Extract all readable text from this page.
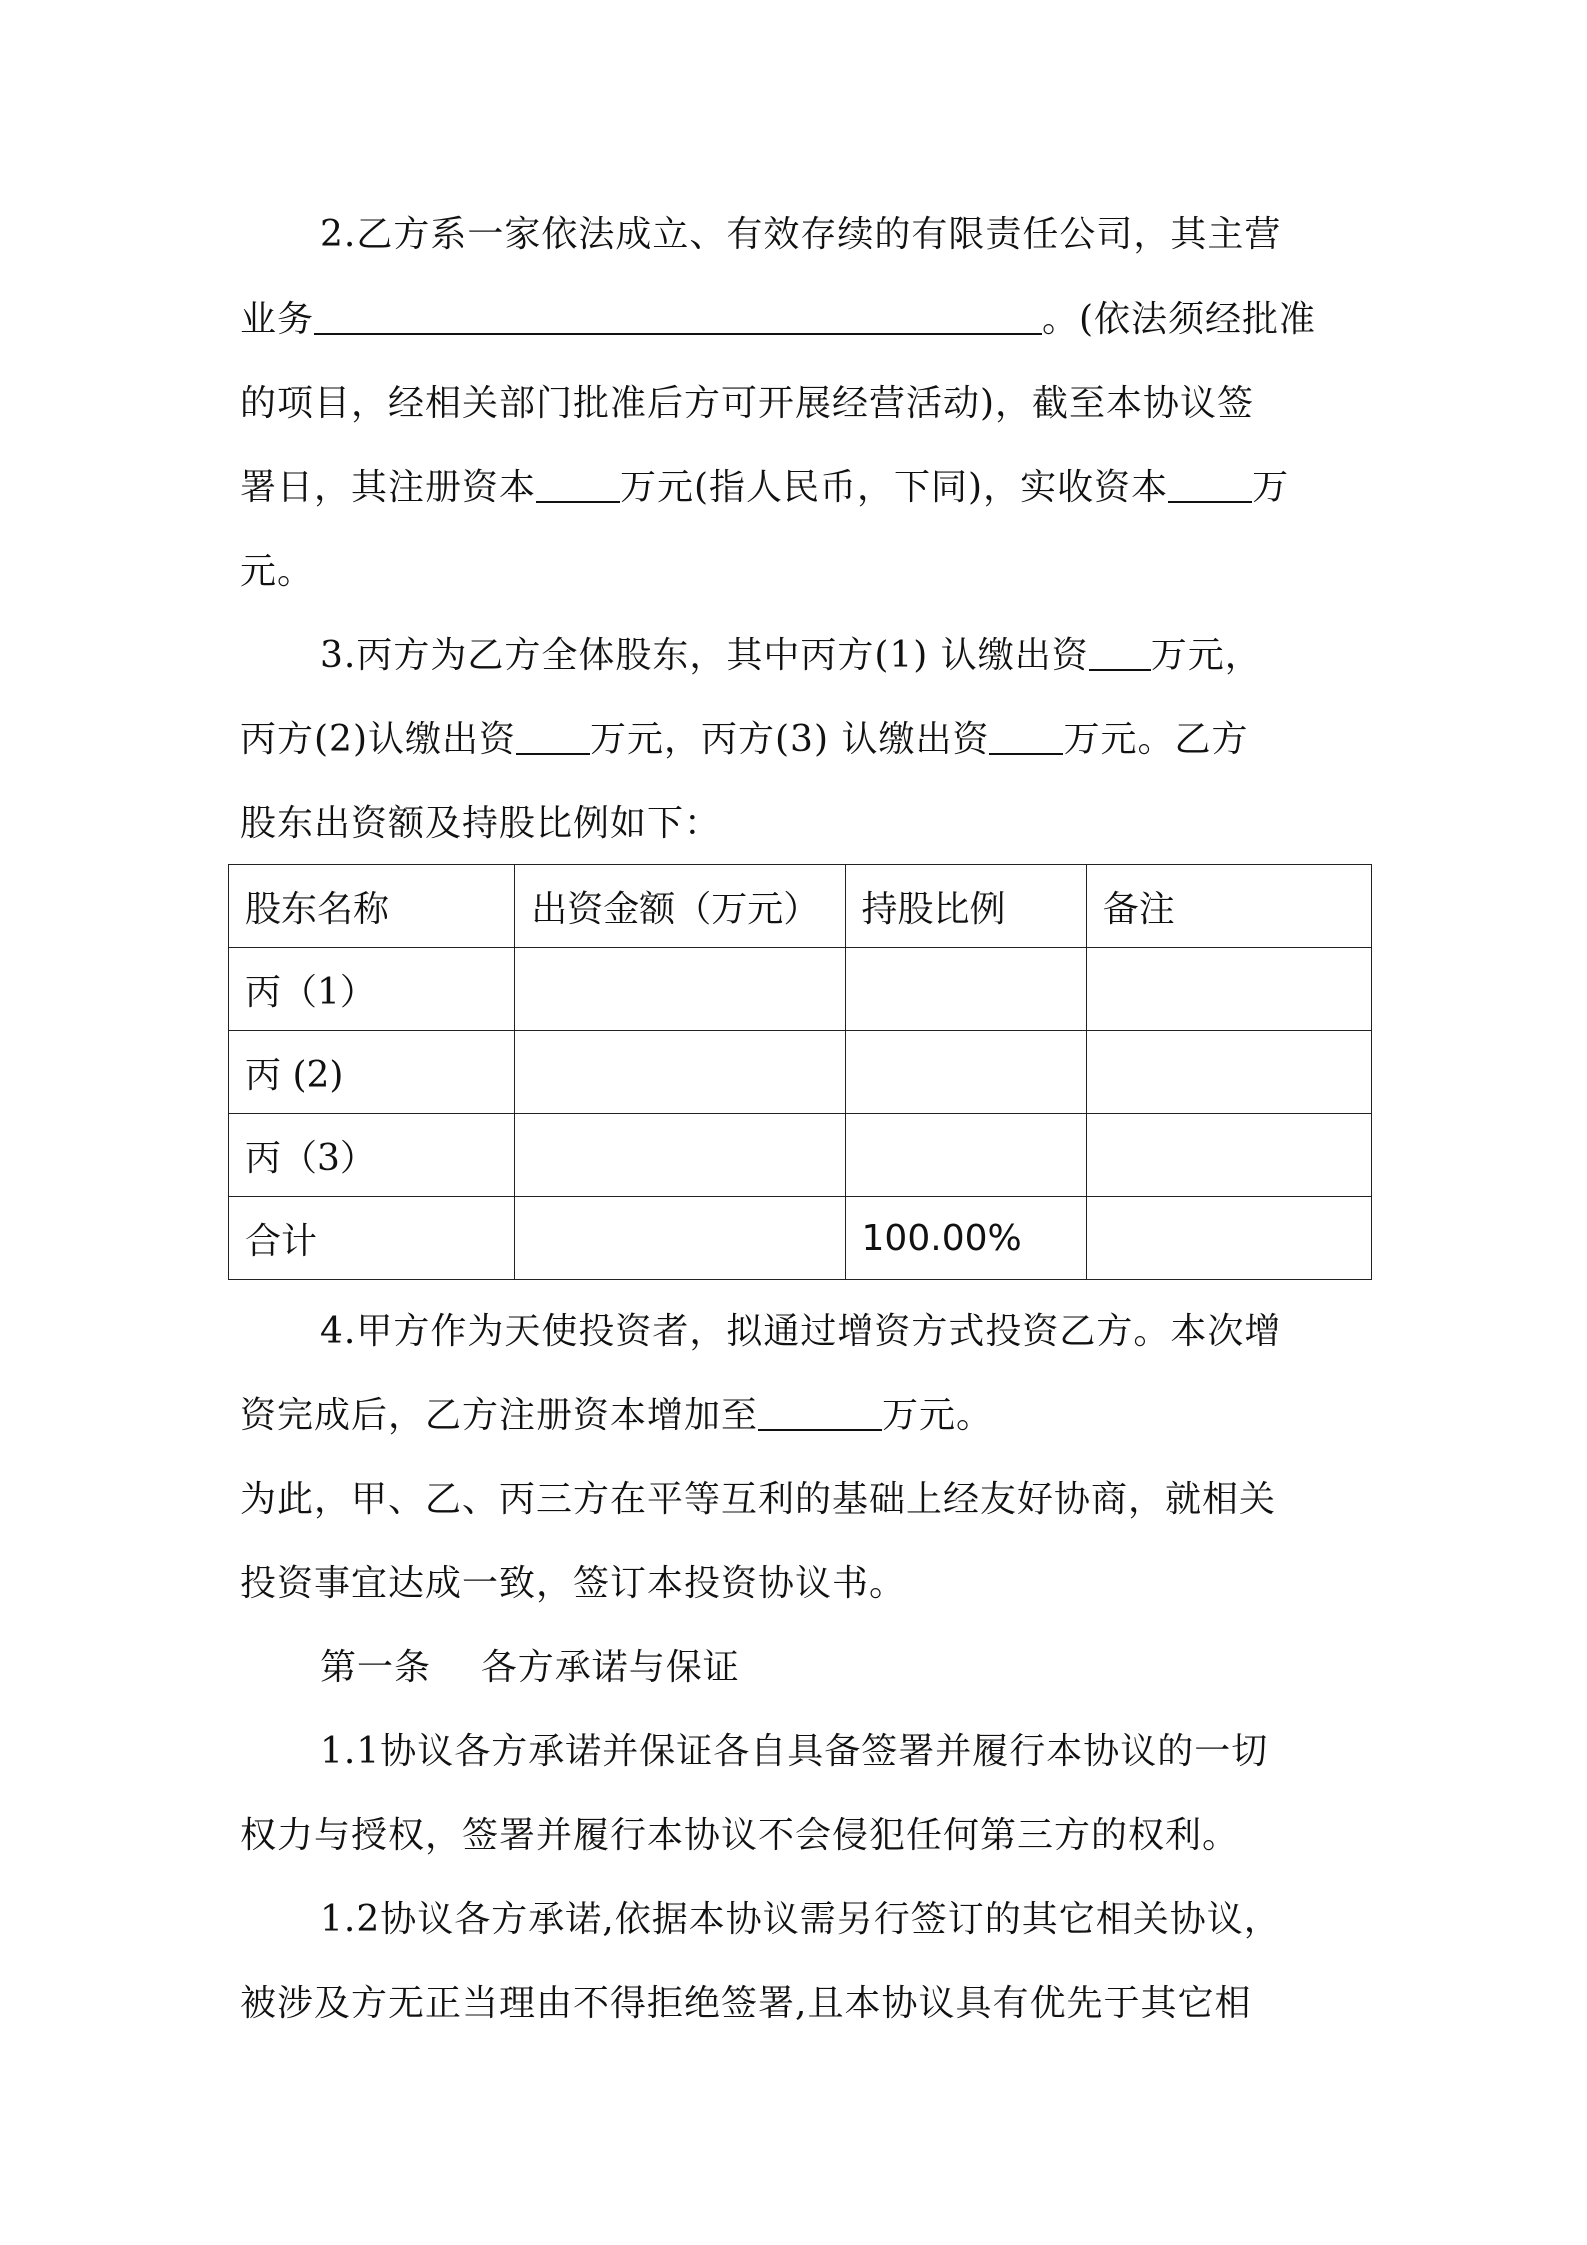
2.乙方系一家依法成立、有效存续的有限责任公司，其主营

业务	。(依法须经批准

的项目，经相关部门批准后方可开展经营活动)，截至本协议签

署日，其注册资本 万元(指人民币，下同)，实收资本 万

元。

3.丙方为乙方全体股东，其中丙方(1) 认缴出资 万元，

丙方(2)认缴出资 万元，丙方(3) 认缴出资 万元。乙方

股东出资额及持股比例如下：

股东名称	出资金额（万元）	持股比例	备注
丙（1）			
丙 (2)			
丙（3）			
合计		100.00%	

4.甲方作为天使投资者，拟通过增资方式投资乙方。本次增

资完成后，乙方注册资本增加至	万元。

为此，甲、乙、丙三方在平等互利的基础上经友好协商，就相关

投资事宜达成一致，签订本投资协议书。

第一条    各方承诺与保证

1.1协议各方承诺并保证各自具备签署并履行本协议的一切

权力与授权，签署并履行本协议不会侵犯任何第三方的权利。

1.2协议各方承诺,依据本协议需另行签订的其它相关协议，

被涉及方无正当理由不得拒绝签署,且本协议具有优先于其它相
